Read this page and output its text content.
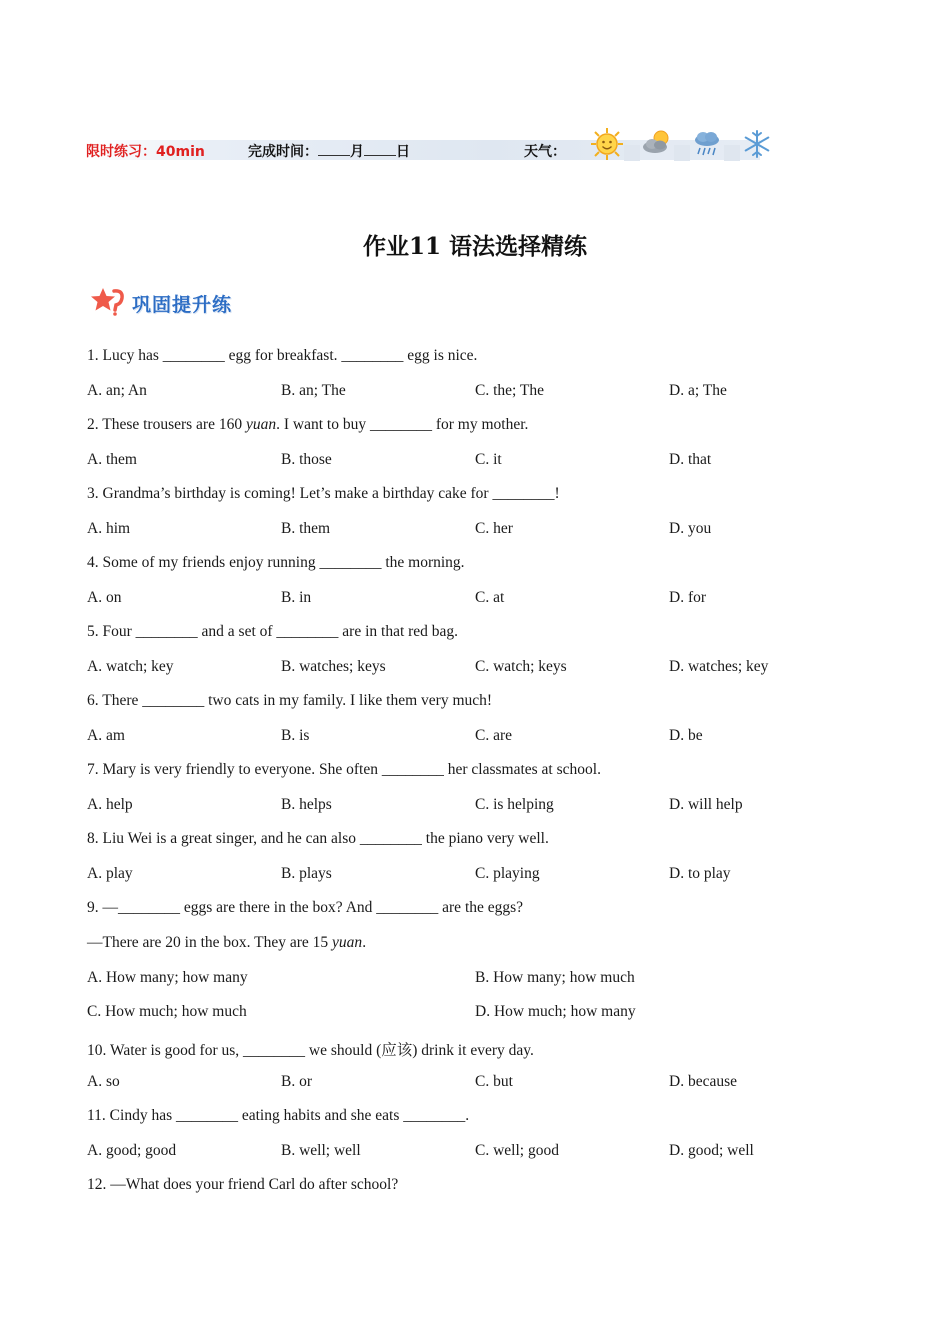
限时练习：40min	完成时间： 月 日	天气：
作业11 语法选择精练
巩固提升练
1. Lucy has ________ egg for breakfast. ________ egg is nice.
A. an; An	B. an; The	C. the; The	D. a; The
2. These trousers are 160 yuan. I want to buy ________ for my mother.
A. them	B. those	C. it	D. that
3. Grandma’s birthday is coming! Let’s make a birthday cake for ________!
A. him	B. them	C. her	D. you
4. Some of my friends enjoy running ________ the morning.
A. on	B. in	C. at	D. for
5. Four ________ and a set of ________ are in that red bag.
A. watch; key	B. watches; keys	C. watch; keys	D. watches; key
6. There ________ two cats in my family. I like them very much!
A. am	B. is	C. are	D. be
7. Mary is very friendly to everyone. She often ________ her classmates at school.
A. help	B. helps	C. is helping	D. will help
8. Liu Wei is a great singer, and he can also ________ the piano very well.
A. play	B. plays	C. playing	D. to play
9. —________ eggs are there in the box? And ________ are the eggs?
—There are 20 in the box. They are 15 yuan.
A. How many; how many	B. How many; how much
C. How much; how much	D. How much; how many
10. Water is good for us, ________ we should (应该) drink it every day.
A. so	B. or	C. but	D. because
11. Cindy has ________ eating habits and she eats ________.
A. good; good	B. well; well	C. well; good	D. good; well
12. —What does your friend Carl do after school?
